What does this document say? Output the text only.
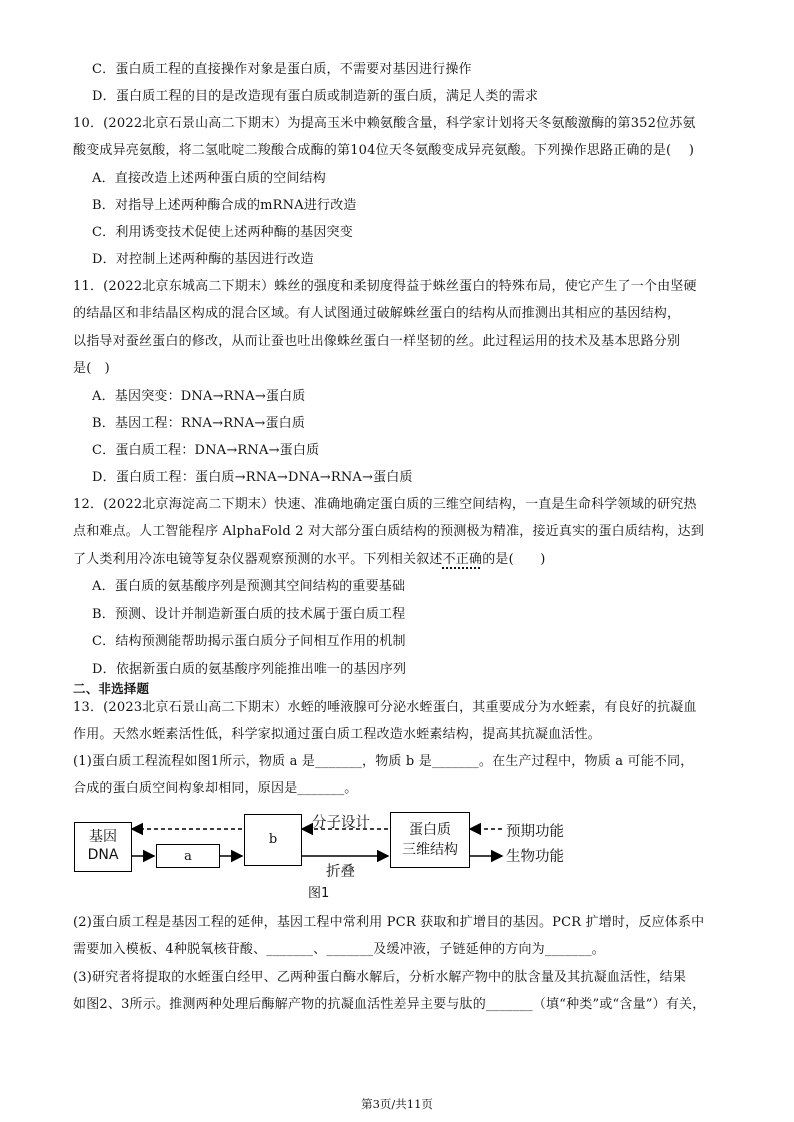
C．蛋白质工程的直接操作对象是蛋白质，不需要对基因进行操作
D．蛋白质工程的目的是改造现有蛋白质或制造新的蛋白质，满足人类的需求
10．(2022北京石景山高二下期末）为提高玉米中赖氨酸含量，科学家计划将天冬氨酸激酶的第352位苏氨
酸变成异亮氨酸，将二氢吡啶二羧酸合成酶的第104位天冬氨酸变成异亮氨酸。下列操作思路正确的是(　 )
A．直接改造上述两种蛋白质的空间结构
B．对指导上述两种酶合成的mRNA进行改造
C．利用诱变技术促使上述两种酶的基因突变
D．对控制上述两种酶的基因进行改造
11．(2022北京东城高二下期末）蛛丝的强度和柔韧度得益于蛛丝蛋白的特殊布局，使它产生了一个由坚硬
的结晶区和非结晶区构成的混合区域。有人试图通过破解蛛丝蛋白的结构从而推测出其相应的基因结构，
以指导对蚕丝蛋白的修改，从而让蚕也吐出像蛛丝蛋白一样坚韧的丝。此过程运用的技术及基本思路分别
是(　)
A．基因突变：DNA→RNA→蛋白质
B．基因工程：RNA→RNA→蛋白质
C．蛋白质工程：DNA→RNA→蛋白质
D．蛋白质工程：蛋白质→RNA→DNA→RNA→蛋白质
12．(2022北京海淀高二下期末）快速、准确地确定蛋白质的三维空间结构，一直是生命科学领域的研究热
点和难点。人工智能程序 AlphaFold 2 对大部分蛋白质结构的预测极为精准，接近真实的蛋白质结构，达到
了人类利用冷冻电镜等复杂仪器观察预测的水平。下列相关叙述不正确的是(　　)
A．蛋白质的氨基酸序列是预测其空间结构的重要基础
B．预测、设计并制造新蛋白质的技术属于蛋白质工程
C．结构预测能帮助揭示蛋白质分子间相互作用的机制
D．依据新蛋白质的氨基酸序列能推出唯一的基因序列
二、非选择题
13．(2023北京石景山高二下期末）水蛭的唾液腺可分泌水蛭蛋白，其重要成分为水蛭素，有良好的抗凝血
作用。天然水蛭素活性低，科学家拟通过蛋白质工程改造水蛭素结构，提高其抗凝血活性。
(1)蛋白质工程流程如图1所示，物质 a 是_______，物质 b 是_______。在生产过程中，物质 a 可能不同，
合成的蛋白质空间构象却相同，原因是_______。
基因
DNA	a
b
蛋白质
三维结构
分子设计
折叠
预期功能
生物功能
图1
(2)蛋白质工程是基因工程的延伸，基因工程中常利用 PCR 获取和扩增目的基因。PCR 扩增时，反应体系中
需要加入模板、4种脱氧核苷酸、_______、_______及缓冲液，子链延伸的方向为_______。
(3)研究者将提取的水蛭蛋白经甲、乙两种蛋白酶水解后，分析水解产物中的肽含量及其抗凝血活性，结果
如图2、3所示。推测两种处理后酶解产物的抗凝血活性差异主要与肽的_______（填“种类”或“含量”）有关，
第3页/共11页
